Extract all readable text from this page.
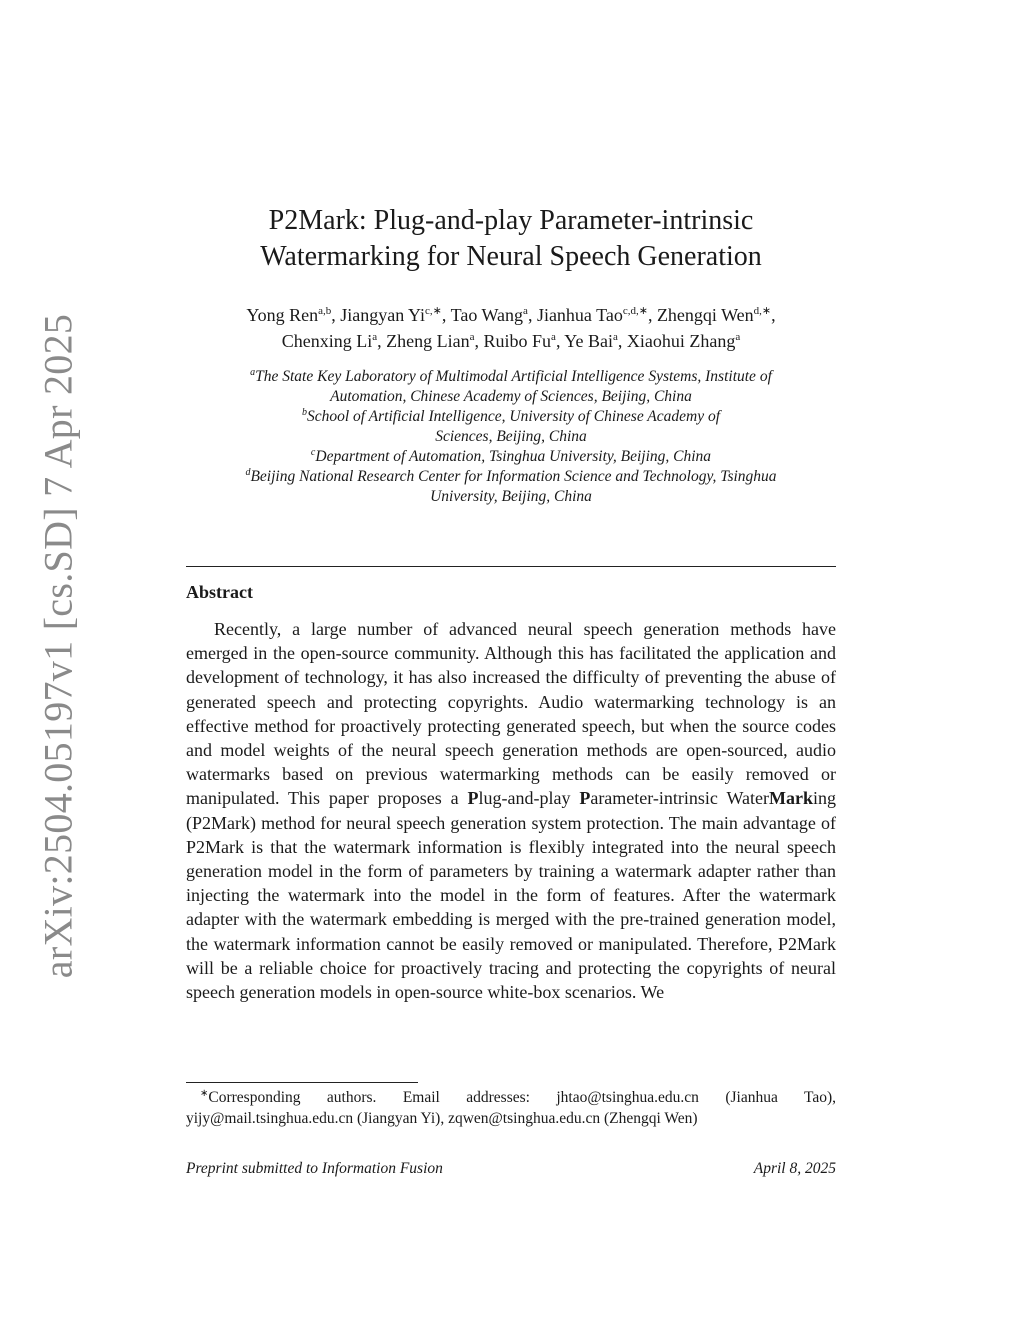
arXiv:2504.05197v1 [cs.SD] 7 Apr 2025
P2Mark: Plug-and-play Parameter-intrinsic
Watermarking for Neural Speech Generation
Yong Ren$^{a,b}$, Jiangyan $Yi^{c,∗}$, Tao Wang$^a$, Jianhua Tao$^{c,d,∗}$, Zhengqi Wen$^{d,∗}$,
Chenxing Li$^a$, Zheng Lian$^a$, Ruibo Fu$^a$, Ye Bai$^a$, Xiaohui Zhang$^a$
$^a$The State Key Laboratory of Multimodal Artificial Intelligence Systems, Institute of
Automation, Chinese Academy of Sciences, Beijing, China
$^b$School of Artificial Intelligence, University of Chinese Academy of
Sciences, Beijing, China
$^c$Department of Automation, Tsinghua University, Beijing, China
$^d$Beijing National Research Center for Information Science and Technology, Tsinghua
University, Beijing, China
Abstract

Recently, a large number of advanced neural speech generation methods have emerged in the open-source community. Although this has facilitated the application and development of technology, it has also increased the difficulty of preventing the abuse of generated speech and protecting copyrights. Audio watermarking technology is an effective method for proactively protecting generated speech, but when the source codes and model weights of the neural speech generation methods are open-sourced, audio watermarks based on previous watermarking methods can be easily removed or manipulated. This paper proposes a Plug-and-play Parameter-intrinsic WaterMarking (P2Mark) method for neural speech generation system protection. The main advantage of P2Mark is that the watermark information is flexibly integrated into the neural speech generation model in the form of parameters by training a watermark adapter rather than injecting the watermark into the model in the form of features. After the watermark adapter with the watermark embedding is merged with the pre-trained generation model, the watermark information cannot be easily removed or manipulated. Therefore, P2Mark will be a reliable choice for proactively tracing and protecting the copyrights of neural speech generation models in open-source white-box scenarios. We

∗Corresponding authors. Email addresses: jhtao@tsinghua.edu.cn (Jianhua Tao), yijy@mail.tsinghua.edu.cn (Jiangyan Yi), zqwen@tsinghua.edu.cn (Zhengqi Wen)
Preprint submitted to Information Fusion	April 8, 2025
